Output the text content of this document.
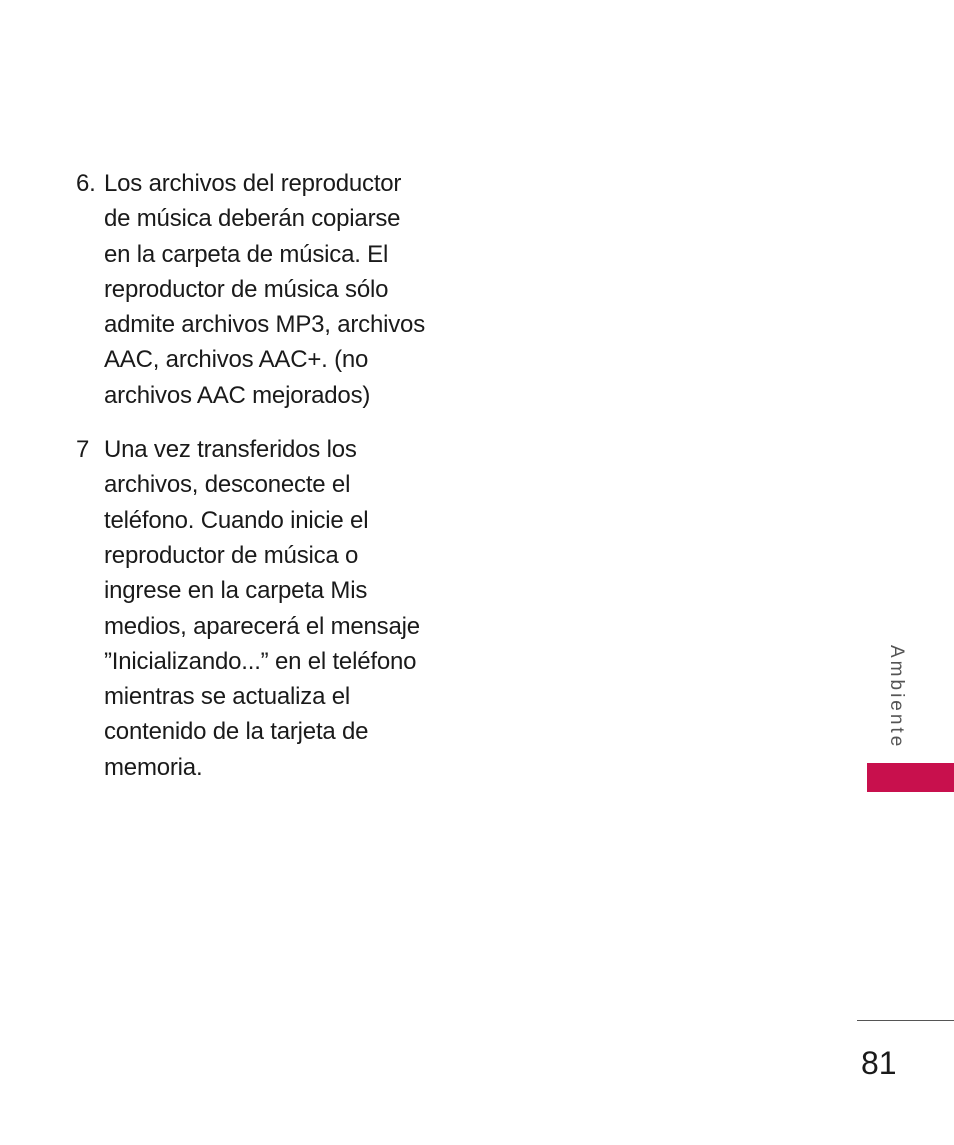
6. Los archivos del reproductor
de música deberán copiarse
en la carpeta de música. El
reproductor de música sólo
admite archivos MP3, archivos
AAC, archivos AAC+. (no
archivos AAC mejorados)
7 Una vez transferidos los
archivos, desconecte el
teléfono. Cuando inicie el
reproductor de música o
ingrese en la carpeta Mis
medios, aparecerá el mensaje
”Inicializando...” en el teléfono
mientras se actualiza el
contenido de la tarjeta de
memoria.
Ambiente
81
